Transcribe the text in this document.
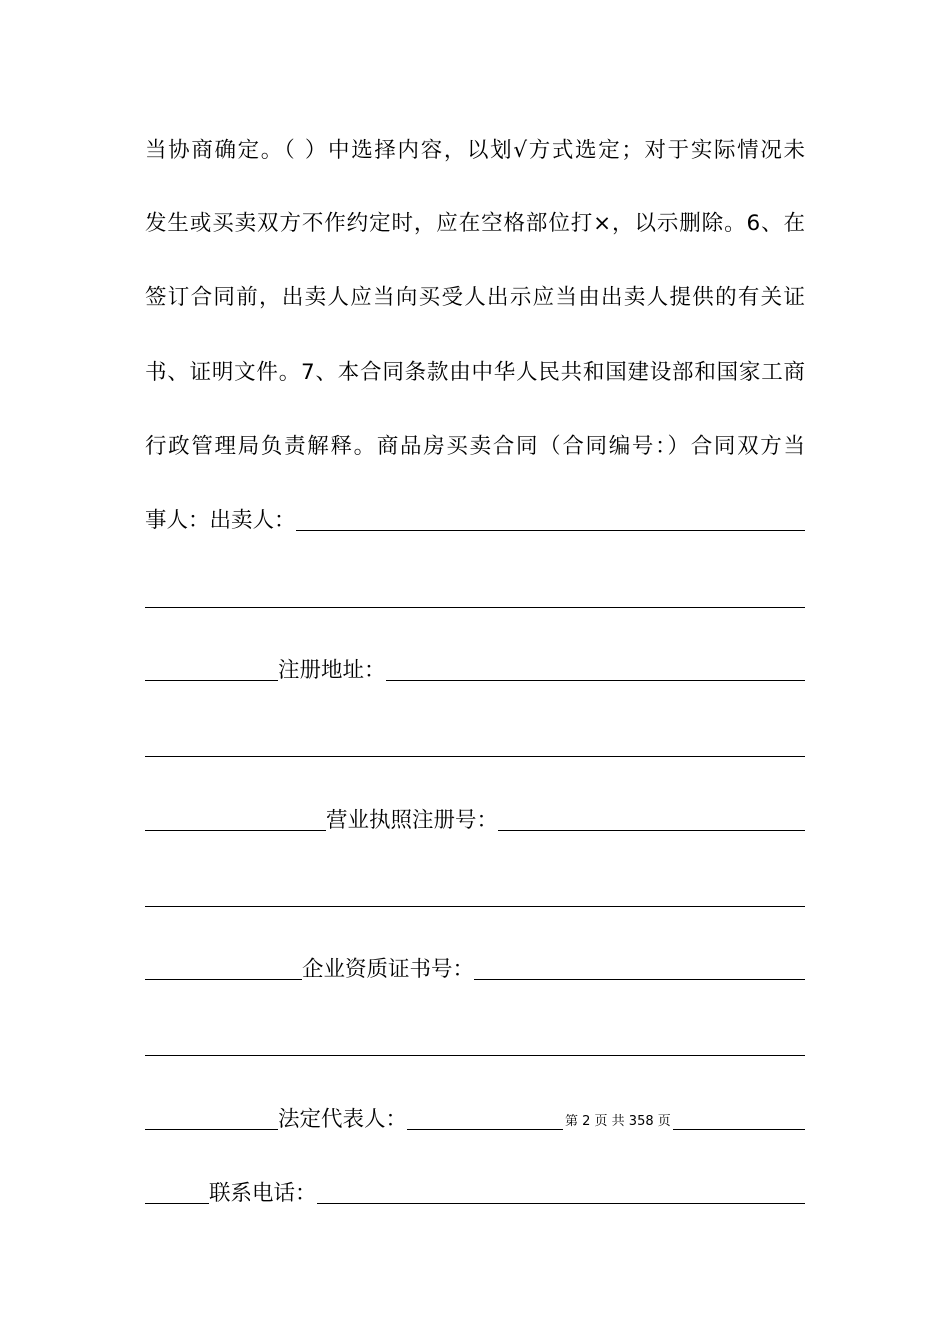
当协商确定。（ ）中选择内容，以划√方式选定；对于实际情况未
发生或买卖双方不作约定时，应在空格部位打×，以示删除。6、在
签订合同前，出卖人应当向买受人出示应当由出卖人提供的有关证
书、证明文件。7、本合同条款由中华人民共和国建设部和国家工商
行政管理局负责解释。商品房买卖合同（合同编号：）合同双方当
事人：出卖人：
注册地址：
营业执照注册号：
企业资质证书号：
法定代表人：	第 2 页 共 358 页
联系电话：
